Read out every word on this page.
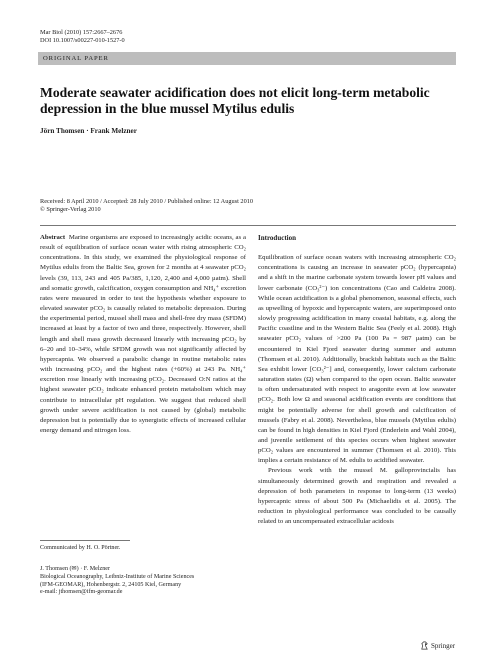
Mar Biol (2010) 157:2667–2676
DOI 10.1007/s00227-010-1527-0
ORIGINAL PAPER
Moderate seawater acidification does not elicit long-term metabolic depression in the blue mussel Mytilus edulis
Jörn Thomsen · Frank Melzner
Received: 8 April 2010 / Accepted: 28 July 2010 / Published online: 12 August 2010
© Springer-Verlag 2010

Abstract Marine organisms are exposed to increasingly acidic oceans, as a result of equilibration of surface ocean water with rising atmospheric CO₂ concentrations. In this study, we examined the physiological response of Mytilus edulis from the Baltic Sea, grown for 2 months at 4 seawater pCO₂ levels (39, 113, 243 and 405 Pa/385, 1,120, 2,400 and 4,000 μatm). Shell and somatic growth, calcification, oxygen consumption and NH₄⁺ excretion rates were measured in order to test the hypothesis whether exposure to elevated seawater pCO₂ is causally related to metabolic depression. During the experimental period, mussel shell mass and shell-free dry mass (SFDM) increased at least by a factor of two and three, respectively. However, shell length and shell mass growth decreased linearly with increasing pCO₂ by 6–20 and 10–34%, while SFDM growth was not significantly affected by hypercapnia. We observed a parabolic change in routine metabolic rates with increasing pCO₂ and the highest rates (+60%) at 243 Pa. NH₄⁺ excretion rose linearly with increasing pCO₂. Decreased O:N ratios at the highest seawater pCO₂ indicate enhanced protein metabolism which may contribute to intracellular pH regulation. We suggest that reduced shell growth under severe acidification is not caused by (global) metabolic depression but is potentially due to synergistic effects of increased cellular energy demand and nitrogen loss.

Communicated by H. O. Pörtner.
J. Thomsen (✉) · F. Melzner
Biological Oceanography, Leibniz-Institute of Marine Sciences
(IFM-GEOMAR), Hohenbergstr. 2, 24105 Kiel, Germany
e-mail: jthomsen@ifm-geomar.de
Introduction

Equilibration of surface ocean waters with increasing atmospheric CO₂ concentrations is causing an increase in seawater pCO₂ (hypercapnia) and a shift in the marine carbonate system towards lower pH values and lower carbonate (CO₃²⁻) ion concentrations (Cao and Caldeira 2008). While ocean acidification is a global phenomenon, seasonal effects, such as upwelling of hypoxic and hypercapnic waters, are superimposed onto slowly progressing acidification in many coastal habitats, e.g. along the Pacific coastline and in the Western Baltic Sea (Feely et al. 2008). High seawater pCO₂ values of >200 Pa (100 Pa = 987 μatm) can be encountered in Kiel Fjord seawater during summer and autumn (Thomsen et al. 2010). Additionally, brackish habitats such as the Baltic Sea exhibit lower [CO₃²⁻] and, consequently, lower calcium carbonate saturation states (Ω) when compared to the open ocean. Baltic seawater is often undersaturated with respect to aragonite even at low seawater pCO₂. Both low Ω and seasonal acidification events are conditions that might be potentially adverse for shell growth and calcification of mussels (Fabry et al. 2008). Nevertheless, blue mussels (Mytilus edulis) can be found in high densities in Kiel Fjord (Enderlein and Wahl 2004), and juvenile settlement of this species occurs when highest seawater pCO₂ values are encountered in summer (Thomsen et al. 2010). This implies a certain resistance of M. edulis to acidified seawater.

Previous work with the mussel M. galloprovincialis has simultaneously determined growth and respiration and revealed a depression of both parameters in response to long-term (13 weeks) hypercapnic stress of about 500 Pa (Michaelidis et al. 2005). The reduction in physiological performance was concluded to be causally related to an uncompensated extracellular acidosis

Springer
